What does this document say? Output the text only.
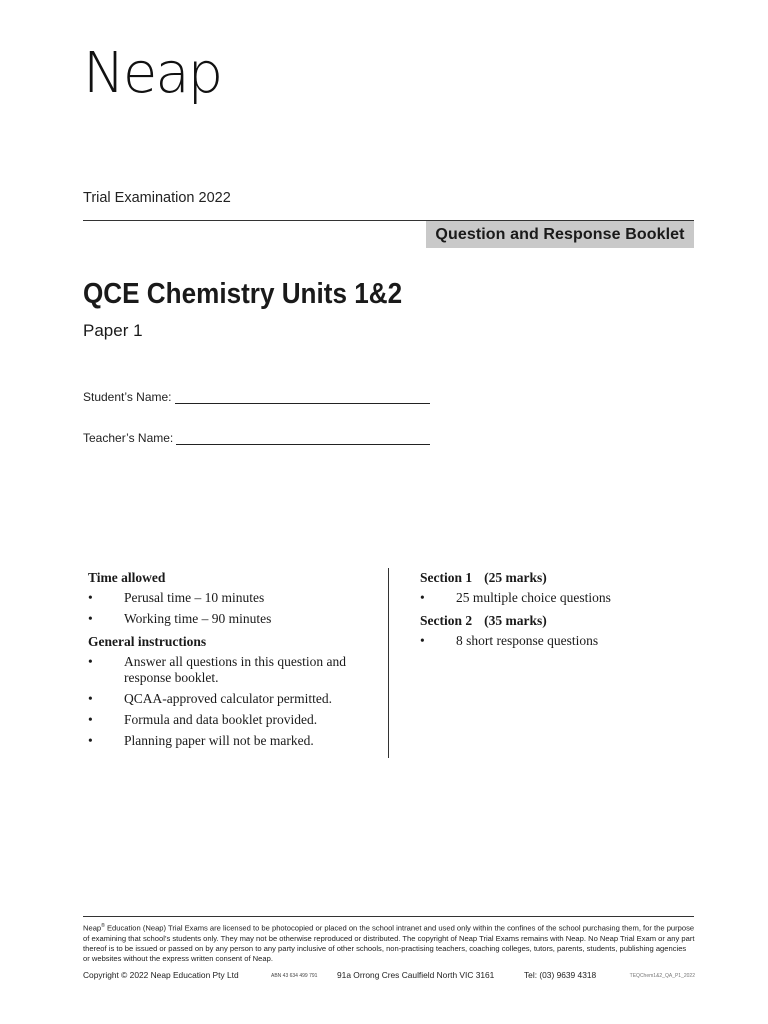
Neap
Trial Examination 2022
Question and Response Booklet
QCE Chemistry Units 1&2
Paper 1
Student’s Name:
Teacher’s Name:
Time allowed
• Perusal time – 10 minutes
• Working time – 90 minutes
General instructions
• Answer all questions in this question and response booklet.
• QCAA-approved calculator permitted.
• Formula and data booklet provided.
• Planning paper will not be marked.
Section 1 (25 marks)
• 25 multiple choice questions
Section 2 (35 marks)
• 8 short response questions
Neap® Education (Neap) Trial Exams are licensed to be photocopied or placed on the school intranet and used only within the confines of the school purchasing them, for the purpose of examining that school’s students only. They may not be otherwise reproduced or distributed. The copyright of Neap Trial Exams remains with Neap. No Neap Trial Exam or any part thereof is to be issued or passed on by any person to any party inclusive of other schools, non-practising teachers, coaching colleges, tutors, parents, students, publishing agencies or websites without the express written consent of Neap.
Copyright © 2022 Neap Education Pty Ltd	ABN 43 634 499 791 91a Orrong Cres Caulfield North VIC 3161	Tel: (03) 9639 4318	TEQChem1&2_QA_P1_2022
